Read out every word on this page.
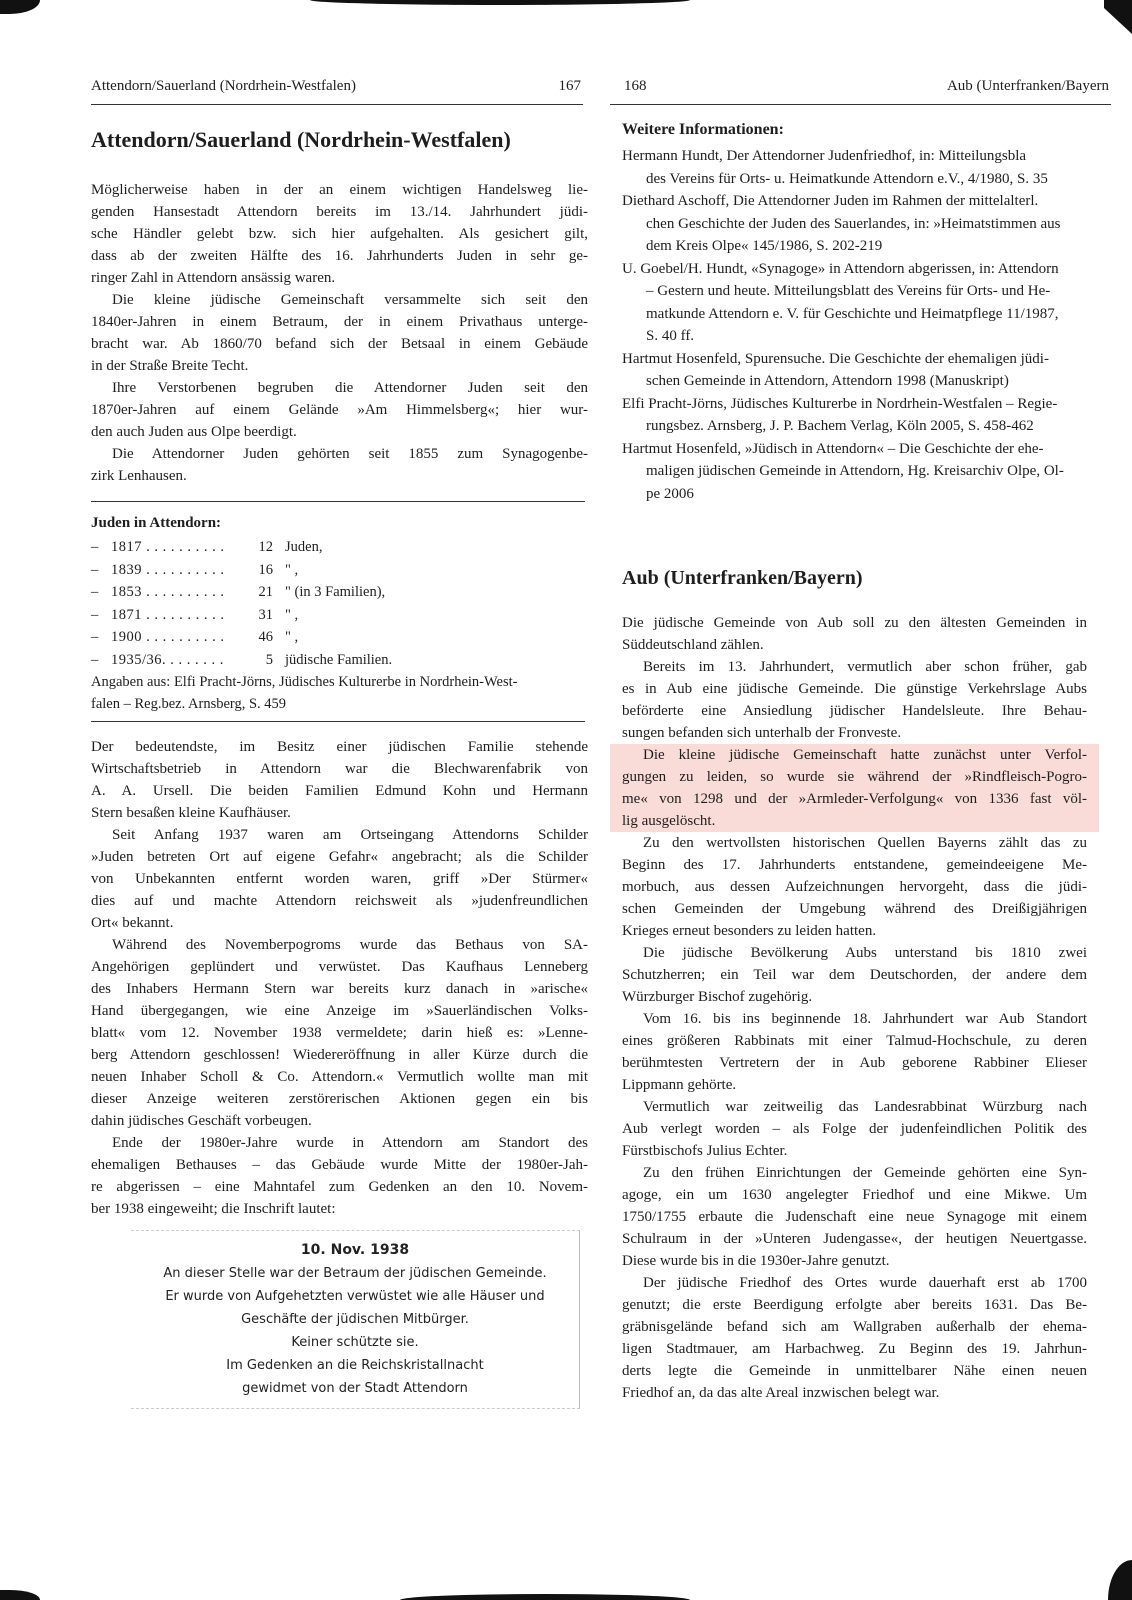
Attendorn/Sauerland (Nordrhein-Westfalen)	167
Attendorn/Sauerland (Nordrhein-Westfalen)
Möglicherweise haben in der an einem wichtigen Handelsweg lie-
genden Hansestadt Attendorn bereits im 13./14. Jahrhundert jüdi-
sche Händler gelebt bzw. sich hier aufgehalten. Als gesichert gilt,
dass ab der zweiten Hälfte des 16. Jahrhunderts Juden in sehr ge-
ringer Zahl in Attendorn ansässig waren.
Die kleine jüdische Gemeinschaft versammelte sich seit den
1840er-Jahren in einem Betraum, der in einem Privathaus unterge-
bracht war. Ab 1860/70 befand sich der Betsaal in einem Gebäude
in der Straße Breite Techt.
Ihre Verstorbenen begruben die Attendorner Juden seit den
1870er-Jahren auf einem Gelände »Am Himmelsberg«; hier wur-
den auch Juden aus Olpe beerdigt.
Die Attendorner Juden gehörten seit 1855 zum Synagogenbe-
zirk Lenhausen.
Juden in Attendorn:
– 1817 . . . . . . . . . .	12 Juden,
– 1839 . . . . . . . . . .	16 " ,
– 1853 . . . . . . . . . .	21 " (in 3 Familien),
– 1871 . . . . . . . . . .	31 " ,
– 1900 . . . . . . . . . .	46 " ,
– 1935/36. . . . . . . .	5 jüdische Familien.
Angaben aus: Elfi Pracht-Jörns, Jüdisches Kulturerbe in Nordrhein-West-
falen – Reg.bez. Arnsberg, S. 459
Der bedeutendste, im Besitz einer jüdischen Familie stehende
Wirtschaftsbetrieb in Attendorn war die Blechwarenfabrik von
A. A. Ursell. Die beiden Familien Edmund Kohn und Hermann
Stern besaßen kleine Kaufhäuser.
Seit Anfang 1937 waren am Ortseingang Attendorns Schilder
»Juden betreten Ort auf eigene Gefahr« angebracht; als die Schilder
von Unbekannten entfernt worden waren, griff »Der Stürmer«
dies auf und machte Attendorn reichsweit als »judenfreundlichen
Ort« bekannt.
Während des Novemberpogroms wurde das Bethaus von SA-
Angehörigen geplündert und verwüstet. Das Kaufhaus Lenneberg
des Inhabers Hermann Stern war bereits kurz danach in »arische«
Hand übergegangen, wie eine Anzeige im »Sauerländischen Volks-
blatt« vom 12. November 1938 vermeldete; darin hieß es: »Lenne-
berg Attendorn geschlossen! Wiedereröffnung in aller Kürze durch die
neuen Inhaber Scholl & Co. Attendorn.« Vermutlich wollte man mit
dieser Anzeige weiteren zerstörerischen Aktionen gegen ein bis
dahin jüdisches Geschäft vorbeugen.
Ende der 1980er-Jahre wurde in Attendorn am Standort des
ehemaligen Bethauses – das Gebäude wurde Mitte der 1980er-Jah-
re abgerissen – eine Mahntafel zum Gedenken an den 10. Novem-
ber 1938 eingeweiht; die Inschrift lautet:
10. Nov. 1938
An dieser Stelle war der Betraum der jüdischen Gemeinde.
Er wurde von Aufgehetzten verwüstet wie alle Häuser und
Geschäfte der jüdischen Mitbürger.
Keiner schützte sie.
Im Gedenken an die Reichskristallnacht
gewidmet von der Stadt Attendorn
168	Aub (Unterfranken/Bayern
Weitere Informationen:
Hermann Hundt, Der Attendorner Judenfriedhof, in: Mitteilungsbla
des Vereins für Orts- u. Heimatkunde Attendorn e.V., 4/1980, S. 35
Diethard Aschoff, Die Attendorner Juden im Rahmen der mittelalterl.
chen Geschichte der Juden des Sauerlandes, in: »Heimatstimmen aus
dem Kreis Olpe« 145/1986, S. 202-219
U. Goebel/H. Hundt, «Synagoge» in Attendorn abgerissen, in: Attendorn
– Gestern und heute. Mitteilungsblatt des Vereins für Orts- und He-
matkunde Attendorn e. V. für Geschichte und Heimatpflege 11/1987,
S. 40 ff.
Hartmut Hosenfeld, Spurensuche. Die Geschichte der ehemaligen jüdi-
schen Gemeinde in Attendorn, Attendorn 1998 (Manuskript)
Elfi Pracht-Jörns, Jüdisches Kulturerbe in Nordrhein-Westfalen – Regie-
rungsbez. Arnsberg, J. P. Bachem Verlag, Köln 2005, S. 458-462
Hartmut Hosenfeld, »Jüdisch in Attendorn« – Die Geschichte der ehe-
maligen jüdischen Gemeinde in Attendorn, Hg. Kreisarchiv Olpe, Ol-
pe 2006
Aub (Unterfranken/Bayern)
Die jüdische Gemeinde von Aub soll zu den ältesten Gemeinden in
Süddeutschland zählen.
Bereits im 13. Jahrhundert, vermutlich aber schon früher, gab
es in Aub eine jüdische Gemeinde. Die günstige Verkehrslage Aubs
beförderte eine Ansiedlung jüdischer Handelsleute. Ihre Behau-
sungen befanden sich unterhalb der Fronveste.
Die kleine jüdische Gemeinschaft hatte zunächst unter Verfol-
gungen zu leiden, so wurde sie während der »Rindfleisch-Pogro-
me« von 1298 und der »Armleder-Verfolgung« von 1336 fast völ-
lig ausgelöscht.
Zu den wertvollsten historischen Quellen Bayerns zählt das zu
Beginn des 17. Jahrhunderts entstandene, gemeindeeigene Me-
morbuch, aus dessen Aufzeichnungen hervorgeht, dass die jüdi-
schen Gemeinden der Umgebung während des Dreißigjährigen
Krieges erneut besonders zu leiden hatten.
Die jüdische Bevölkerung Aubs unterstand bis 1810 zwei
Schutzherren; ein Teil war dem Deutschorden, der andere dem
Würzburger Bischof zugehörig.
Vom 16. bis ins beginnende 18. Jahrhundert war Aub Standort
eines größeren Rabbinats mit einer Talmud-Hochschule, zu deren
berühmtesten Vertretern der in Aub geborene Rabbiner Elieser
Lippmann gehörte.
Vermutlich war zeitweilig das Landesrabbinat Würzburg nach
Aub verlegt worden – als Folge der judenfeindlichen Politik des
Fürstbischofs Julius Echter.
Zu den frühen Einrichtungen der Gemeinde gehörten eine Syn-
agoge, ein um 1630 angelegter Friedhof und eine Mikwe. Um
1750/1755 erbaute die Judenschaft eine neue Synagoge mit einem
Schulraum in der »Unteren Judengasse«, der heutigen Neuertgasse.
Diese wurde bis in die 1930er-Jahre genutzt.
Der jüdische Friedhof des Ortes wurde dauerhaft erst ab 1700
genutzt; die erste Beerdigung erfolgte aber bereits 1631. Das Be-
gräbnisgelände befand sich am Wallgraben außerhalb der ehema-
ligen Stadtmauer, am Harbachweg. Zu Beginn des 19. Jahrhun-
derts legte die Gemeinde in unmittelbarer Nähe einen neuen
Friedhof an, da das alte Areal inzwischen belegt war.
